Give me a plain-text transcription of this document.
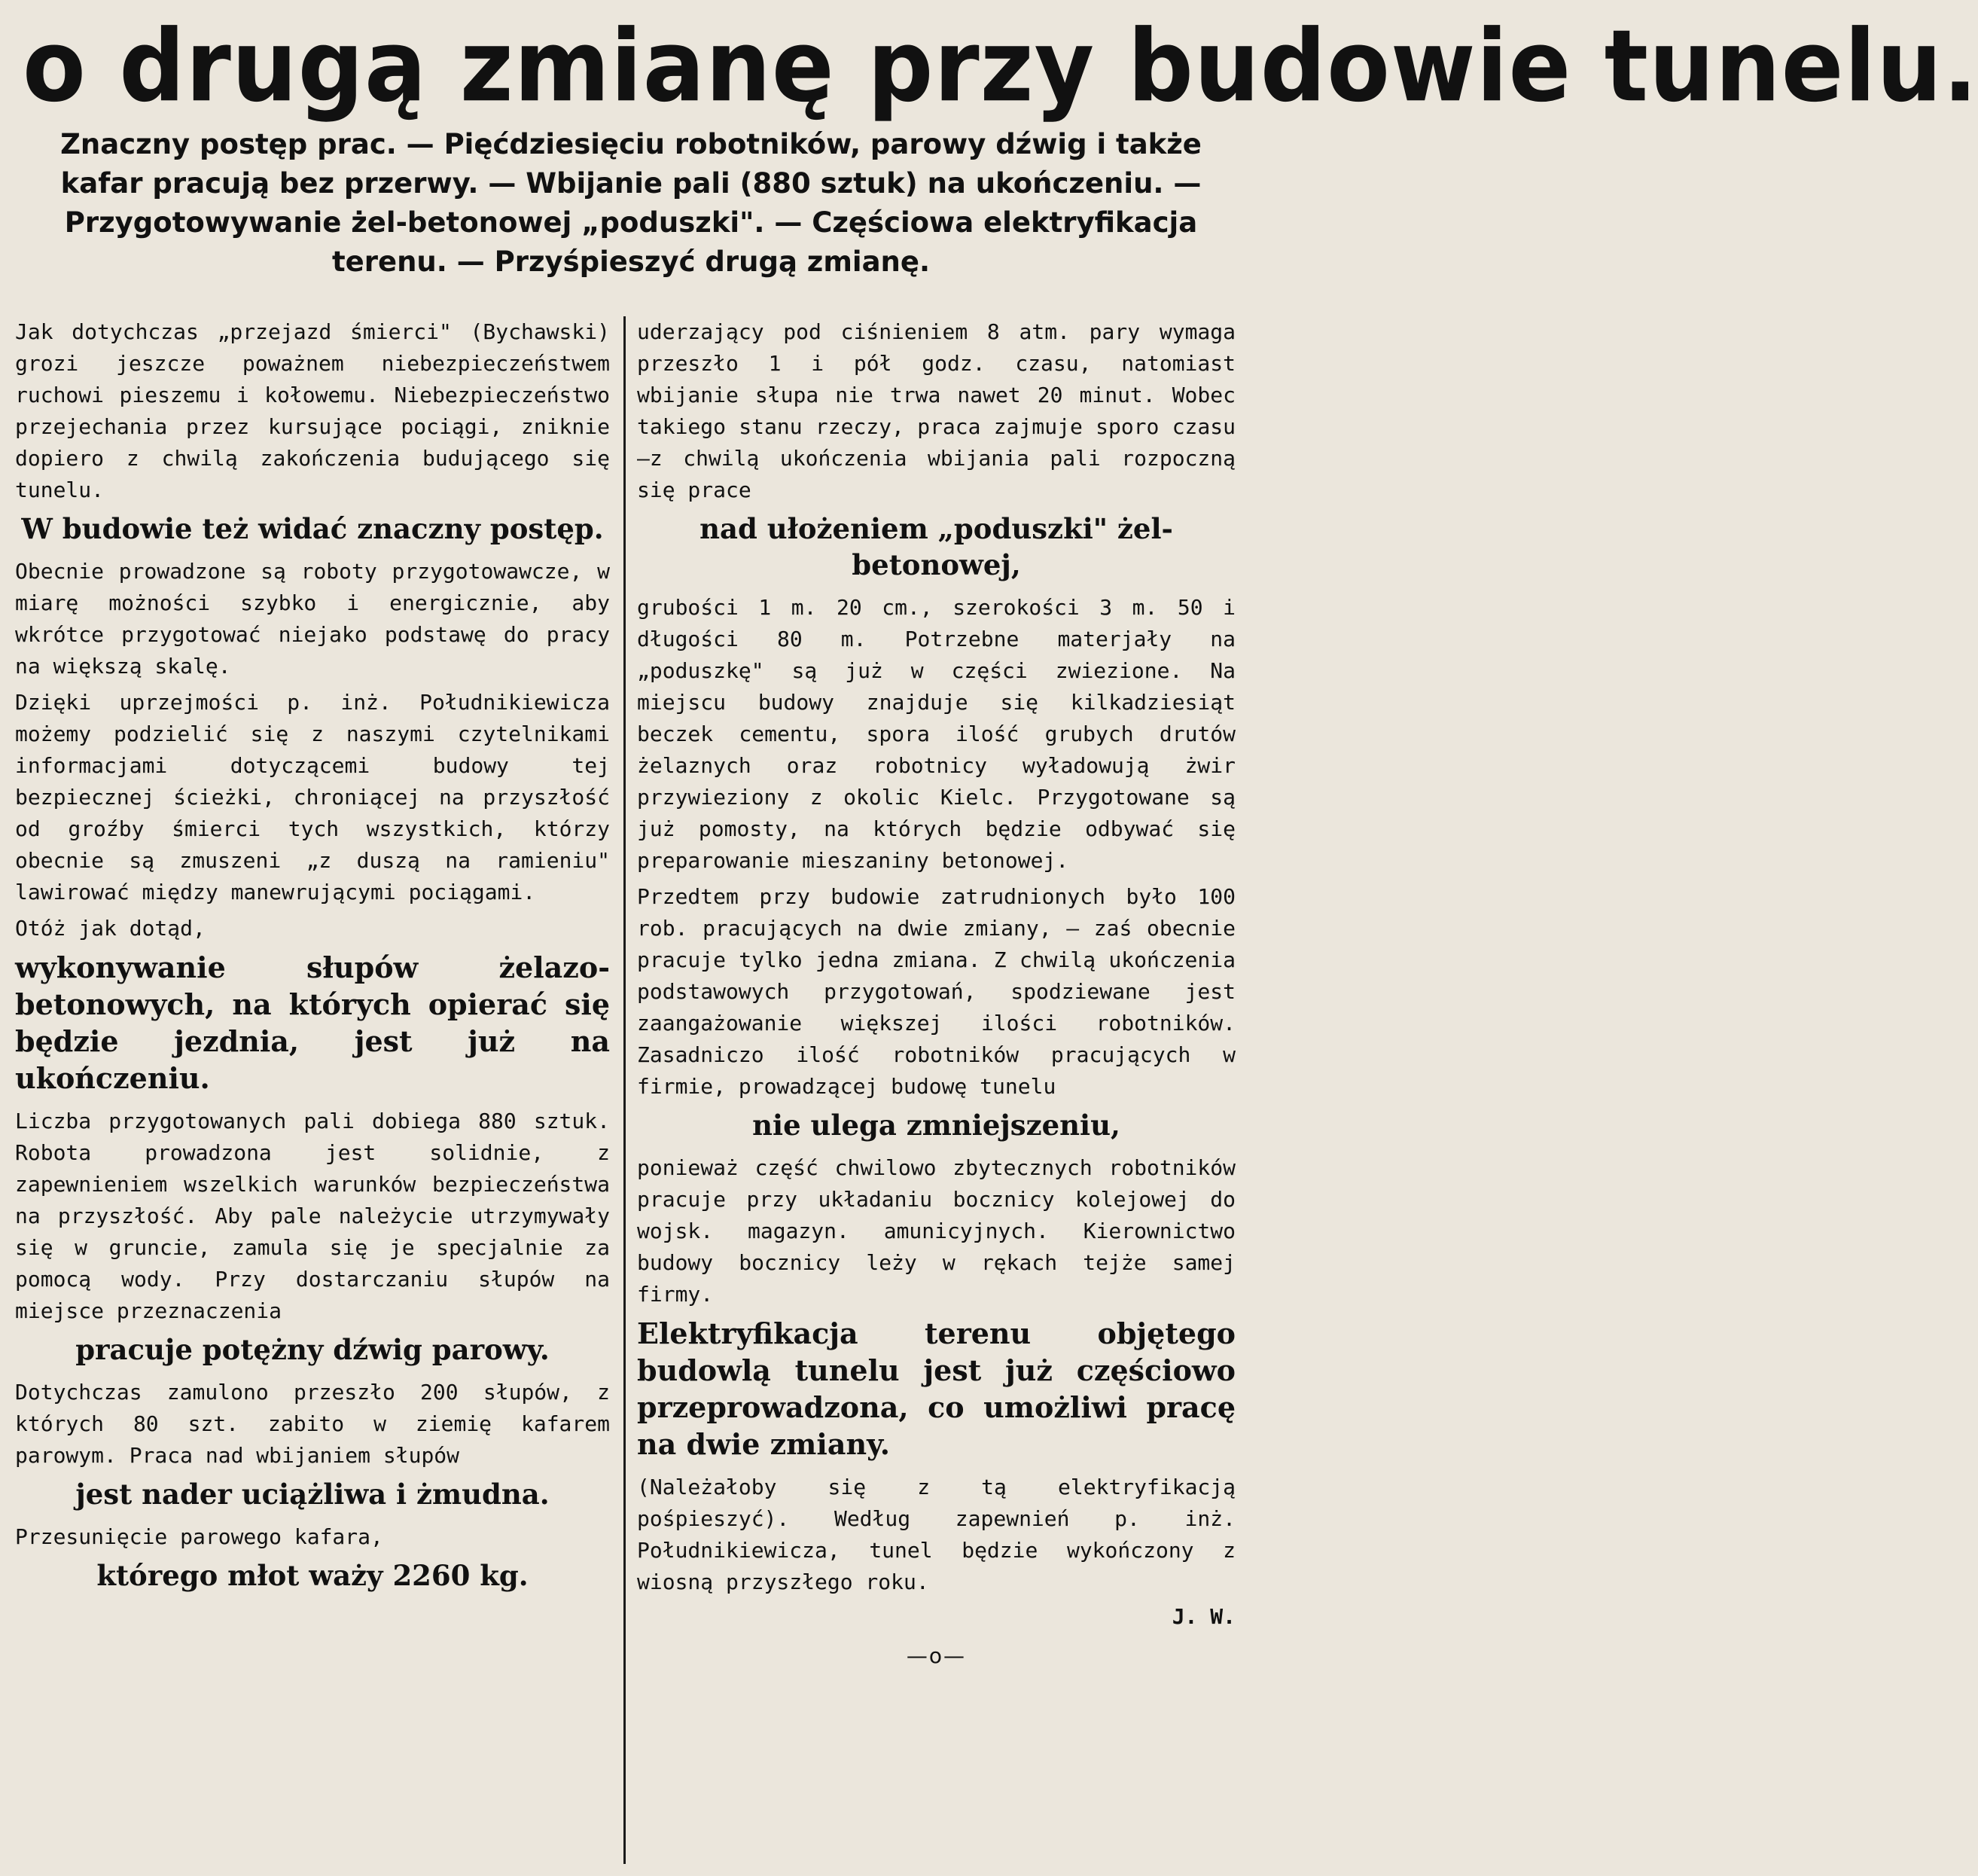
o drugą zmianę przy budowie tunelu.
Znaczny postęp prac. — Pięćdziesięciu robotników, parowy dźwig i także kafar pracują bez przerwy. — Wbijanie pali (880 sztuk) na ukończeniu. — Przygotowywanie żel-betonowej „poduszki". — Częściowa elektryfikacja terenu. — Przyśpieszyć drugą zmianę.

Jak dotychczas „przejazd śmierci" (Bychawski) grozi jeszcze poważnem niebezpieczeństwem ruchowi pieszemu i kołowemu. Niebezpieczeństwo przejechania przez kursujące pociągi, zniknie dopiero z chwilą zakończenia budującego się tunelu.

W budowie też widać znaczny postęp.

Obecnie prowadzone są roboty przygotowawcze, w miarę możności szybko i energicznie, aby wkrótce przygotować niejako podstawę do pracy na większą skalę.

Dzięki uprzejmości p. inż. Południkiewicza możemy podzielić się z naszymi czytelnikami informacjami dotyczącemi budowy tej bezpiecznej ścieżki, chroniącej na przyszłość od groźby śmierci tych wszystkich, którzy obecnie są zmuszeni „z duszą na ramieniu" lawirować między manewrującymi pociągami.

Otóż jak dotąd,

wykonywanie słupów żelazo-betonowych, na których opierać się będzie jezdnia, jest już na ukończeniu.

Liczba przygotowanych pali dobiega 880 sztuk. Robota prowadzona jest solidnie, z zapewnieniem wszelkich warunków bezpieczeństwa na przyszłość. Aby pale należycie utrzymywały się w gruncie, zamula się je specjalnie za pomocą wody. Przy dostarczaniu słupów na miejsce przeznaczenia

pracuje potężny dźwig parowy.

Dotychczas zamulono przeszło 200 słupów, z których 80 szt. zabito w ziemię kafarem parowym. Praca nad wbijaniem słupów

jest nader uciążliwa i żmudna.

Przesunięcie parowego kafara,

którego młot waży 2260 kg.

uderzający pod ciśnieniem 8 atm. pary wymaga przeszło 1 i pół godz. czasu, natomiast wbijanie słupa nie trwa nawet 20 minut. Wobec takiego stanu rzeczy, praca zajmuje sporo czasu—z chwilą ukończenia wbijania pali rozpoczną się prace

nad ułożeniem „poduszki" żel-betonowej,

grubości 1 m. 20 cm., szerokości 3 m. 50 i długości 80 m. Potrzebne materjały na „poduszkę" są już w części zwiezione. Na miejscu budowy znajduje się kilkadziesiąt beczek cementu, spora ilość grubych drutów żelaznych oraz robotnicy wyładowują żwir przywieziony z okolic Kielc. Przygotowane są już pomosty, na których będzie odbywać się preparowanie mieszaniny betonowej.

Przedtem przy budowie zatrudnionych było 100 rob. pracujących na dwie zmiany, — zaś obecnie pracuje tylko jedna zmiana. Z chwilą ukończenia podstawowych przygotowań, spodziewane jest zaangażowanie większej ilości robotników. Zasadniczo ilość robotników pracujących w firmie, prowadzącej budowę tunelu

nie ulega zmniejszeniu,

ponieważ część chwilowo zbytecznych robotników pracuje przy układaniu bocznicy kolejowej do wojsk. magazyn. amunicyjnych. Kierownictwo budowy bocznicy leży w rękach tejże samej firmy.

Elektryfikacja terenu objętego budowlą tunelu jest już częściowo przeprowadzona, co umożliwi pracę na dwie zmiany.

(Należałoby się z tą elektryfikacją pośpieszyć). Według zapewnień p. inż. Południkiewicza, tunel będzie wykończony z wiosną przyszłego roku.

J. W.
—o—
